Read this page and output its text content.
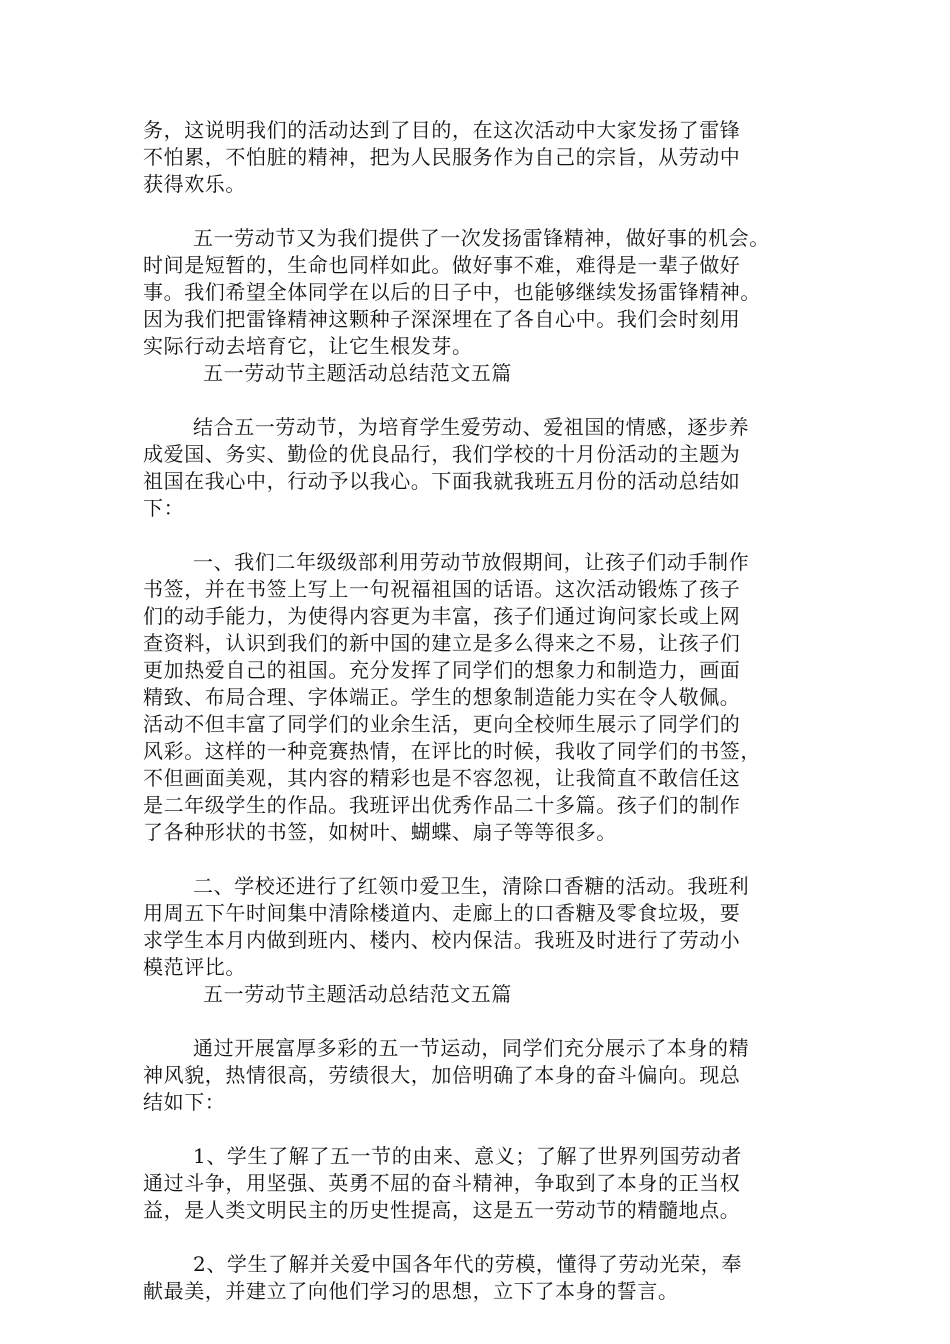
务，这说明我们的活动达到了目的，在这次活动中大家发扬了雷锋
不怕累，不怕脏的精神，把为人民服务作为自己的宗旨，从劳动中
获得欢乐。
五一劳动节又为我们提供了一次发扬雷锋精神，做好事的机会。
时间是短暂的，生命也同样如此。做好事不难，难得是一辈子做好
事。我们希望全体同学在以后的日子中，也能够继续发扬雷锋精神。
因为我们把雷锋精神这颗种子深深埋在了各自心中。我们会时刻用
实际行动去培育它，让它生根发芽。
五一劳动节主题活动总结范文五篇
结合五一劳动节，为培育学生爱劳动、爱祖国的情感，逐步养
成爱国、务实、勤俭的优良品行，我们学校的十月份活动的主题为
祖国在我心中，行动予以我心。下面我就我班五月份的活动总结如
下：
一、我们二年级级部利用劳动节放假期间，让孩子们动手制作
书签，并在书签上写上一句祝福祖国的话语。这次活动锻炼了孩子
们的动手能力，为使得内容更为丰富，孩子们通过询问家长或上网
查资料，认识到我们的新中国的建立是多么得来之不易，让孩子们
更加热爱自己的祖国。充分发挥了同学们的想象力和制造力，画面
精致、布局合理、字体端正。学生的想象制造能力实在令人敬佩。
活动不但丰富了同学们的业余生活，更向全校师生展示了同学们的
风彩。这样的一种竞赛热情，在评比的时候，我收了同学们的书签，
不但画面美观，其内容的精彩也是不容忽视，让我简直不敢信任这
是二年级学生的作品。我班评出优秀作品二十多篇。孩子们的制作
了各种形状的书签，如树叶、蝴蝶、扇子等等很多。
二、学校还进行了红领巾爱卫生，清除口香糖的活动。我班利
用周五下午时间集中清除楼道内、走廊上的口香糖及零食垃圾，要
求学生本月内做到班内、楼内、校内保洁。我班及时进行了劳动小
模范评比。
五一劳动节主题活动总结范文五篇
通过开展富厚多彩的五一节运动，同学们充分展示了本身的精
神风貌，热情很高，劳绩很大，加倍明确了本身的奋斗偏向。现总
结如下：
1、学生了解了五一节的由来、意义；了解了世界列国劳动者
通过斗争，用坚强、英勇不屈的奋斗精神，争取到了本身的正当权
益，是人类文明民主的历史性提高，这是五一劳动节的精髓地点。
2、学生了解并关爱中国各年代的劳模，懂得了劳动光荣，奉
献最美，并建立了向他们学习的思想，立下了本身的誓言。
